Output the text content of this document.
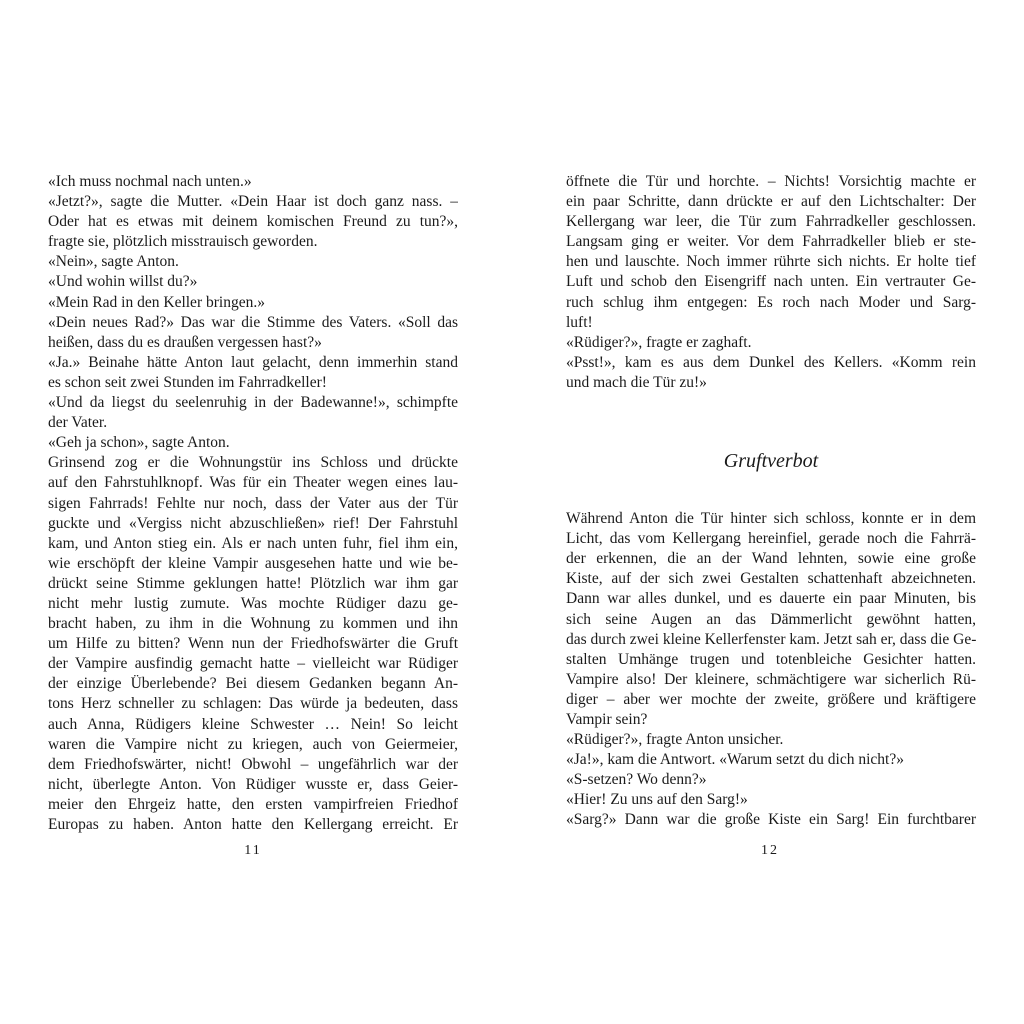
«Ich muss nochmal nach unten.»
«Jetzt?», sagte die Mutter. «Dein Haar ist doch ganz nass. –
Oder hat es etwas mit deinem komischen Freund zu tun?»,
fragte sie, plötzlich misstrauisch geworden.
«Nein», sagte Anton.
«Und wohin willst du?»
«Mein Rad in den Keller bringen.»
«Dein neues Rad?» Das war die Stimme des Vaters. «Soll das
heißen, dass du es draußen vergessen hast?»
«Ja.» Beinahe hätte Anton laut gelacht, denn immerhin stand
es schon seit zwei Stunden im Fahrradkeller!
«Und da liegst du seelenruhig in der Badewanne!», schimpfte
der Vater.
«Geh ja schon», sagte Anton.
Grinsend zog er die Wohnungstür ins Schloss und drückte
auf den Fahrstuhlknopf. Was für ein Theater wegen eines lau-
sigen Fahrrads! Fehlte nur noch, dass der Vater aus der Tür
guckte und «Vergiss nicht abzuschließen» rief! Der Fahrstuhl
kam, und Anton stieg ein. Als er nach unten fuhr, fiel ihm ein,
wie erschöpft der kleine Vampir ausgesehen hatte und wie be-
drückt seine Stimme geklungen hatte! Plötzlich war ihm gar
nicht mehr lustig zumute. Was mochte Rüdiger dazu ge-
bracht haben, zu ihm in die Wohnung zu kommen und ihn
um Hilfe zu bitten? Wenn nun der Friedhofswärter die Gruft
der Vampire ausfindig gemacht hatte – vielleicht war Rüdiger
der einzige Überlebende? Bei diesem Gedanken begann An-
tons Herz schneller zu schlagen: Das würde ja bedeuten, dass
auch Anna, Rüdigers kleine Schwester … Nein! So leicht
waren die Vampire nicht zu kriegen, auch von Geiermeier,
dem Friedhofswärter, nicht! Obwohl – ungefährlich war der
nicht, überlegte Anton. Von Rüdiger wusste er, dass Geier-
meier den Ehrgeiz hatte, den ersten vampirfreien Friedhof
Europas zu haben. Anton hatte den Kellergang erreicht. Er
11
öffnete die Tür und horchte. – Nichts! Vorsichtig machte er
ein paar Schritte, dann drückte er auf den Lichtschalter: Der
Kellergang war leer, die Tür zum Fahrradkeller geschlossen.
Langsam ging er weiter. Vor dem Fahrradkeller blieb er ste-
hen und lauschte. Noch immer rührte sich nichts. Er holte tief
Luft und schob den Eisengriff nach unten. Ein vertrauter Ge-
ruch schlug ihm entgegen: Es roch nach Moder und Sarg-
luft!
«Rüdiger?», fragte er zaghaft.
«Psst!», kam es aus dem Dunkel des Kellers. «Komm rein
und mach die Tür zu!»
Gruftverbot
Während Anton die Tür hinter sich schloss, konnte er in dem
Licht, das vom Kellergang hereinfiel, gerade noch die Fahrrä-
der erkennen, die an der Wand lehnten, sowie eine große
Kiste, auf der sich zwei Gestalten schattenhaft abzeichneten.
Dann war alles dunkel, und es dauerte ein paar Minuten, bis
sich seine Augen an das Dämmerlicht gewöhnt hatten,
das durch zwei kleine Kellerfenster kam. Jetzt sah er, dass die Ge-
stalten Umhänge trugen und totenbleiche Gesichter hatten.
Vampire also! Der kleinere, schmächtigere war sicherlich Rü-
diger – aber wer mochte der zweite, größere und kräftigere
Vampir sein?
«Rüdiger?», fragte Anton unsicher.
«Ja!», kam die Antwort. «Warum setzt du dich nicht?»
«S-setzen? Wo denn?»
«Hier! Zu uns auf den Sarg!»
«Sarg?» Dann war die große Kiste ein Sarg! Ein furchtbarer
12
